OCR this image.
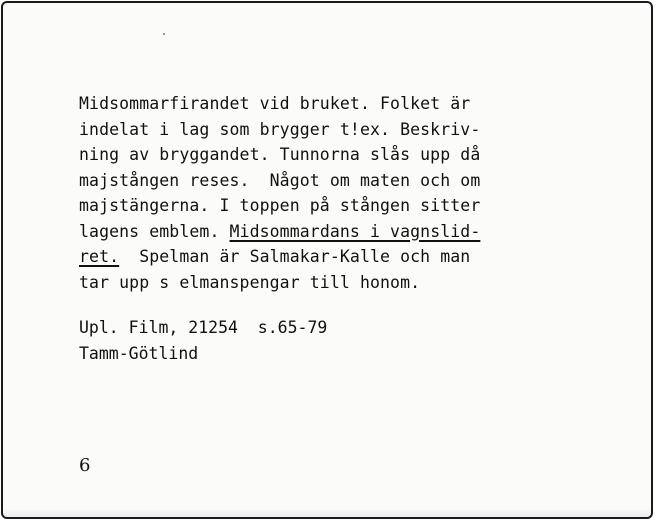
Midsommarfirandet vid bruket. Folket är
indelat i lag som brygger t!ex. Beskriv-
ning av bryggandet. Tunnorna slås upp då
majstången reses.  Något om maten och om
majstängerna. I toppen på stången sitter
lagens emblem. Midsommardans i vagnslid-
ret.  Spelman är Salmakar-Kalle och man
tar upp s elmanspengar till honom.
Upl. Film, 21254  s.65-79
Tamm-Götlind
6
